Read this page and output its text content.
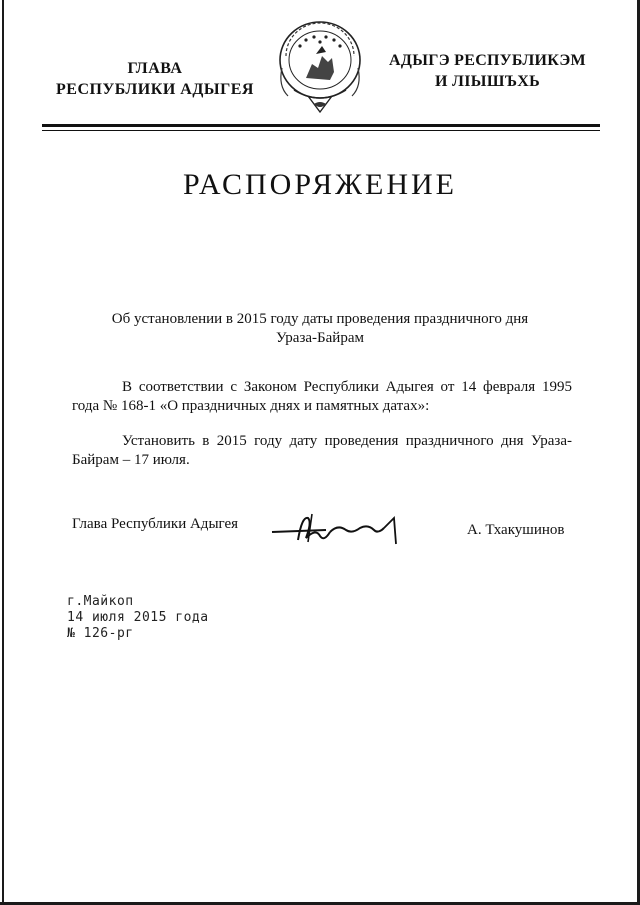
ГЛАВА
РЕСПУБЛИКИ АДЫГЕЯ
АДЫГЭ РЕСПУБЛИКЭМ
И ЛІЫШЪХЬ
РАСПОРЯЖЕНИЕ
Об установлении в 2015 году даты проведения праздничного дня
Ураза-Байрам
В соответствии с Законом Республики Адыгея от 14 февраля 1995 года № 168-1 «О праздничных днях и памятных датах»:
Установить в 2015 году дату проведения праздничного дня Ураза-Байрам – 17 июля.
Глава Республики Адыгея	А. Тхакушинов
г.Майкоп
14 июля 2015 года
№ 126-рг
